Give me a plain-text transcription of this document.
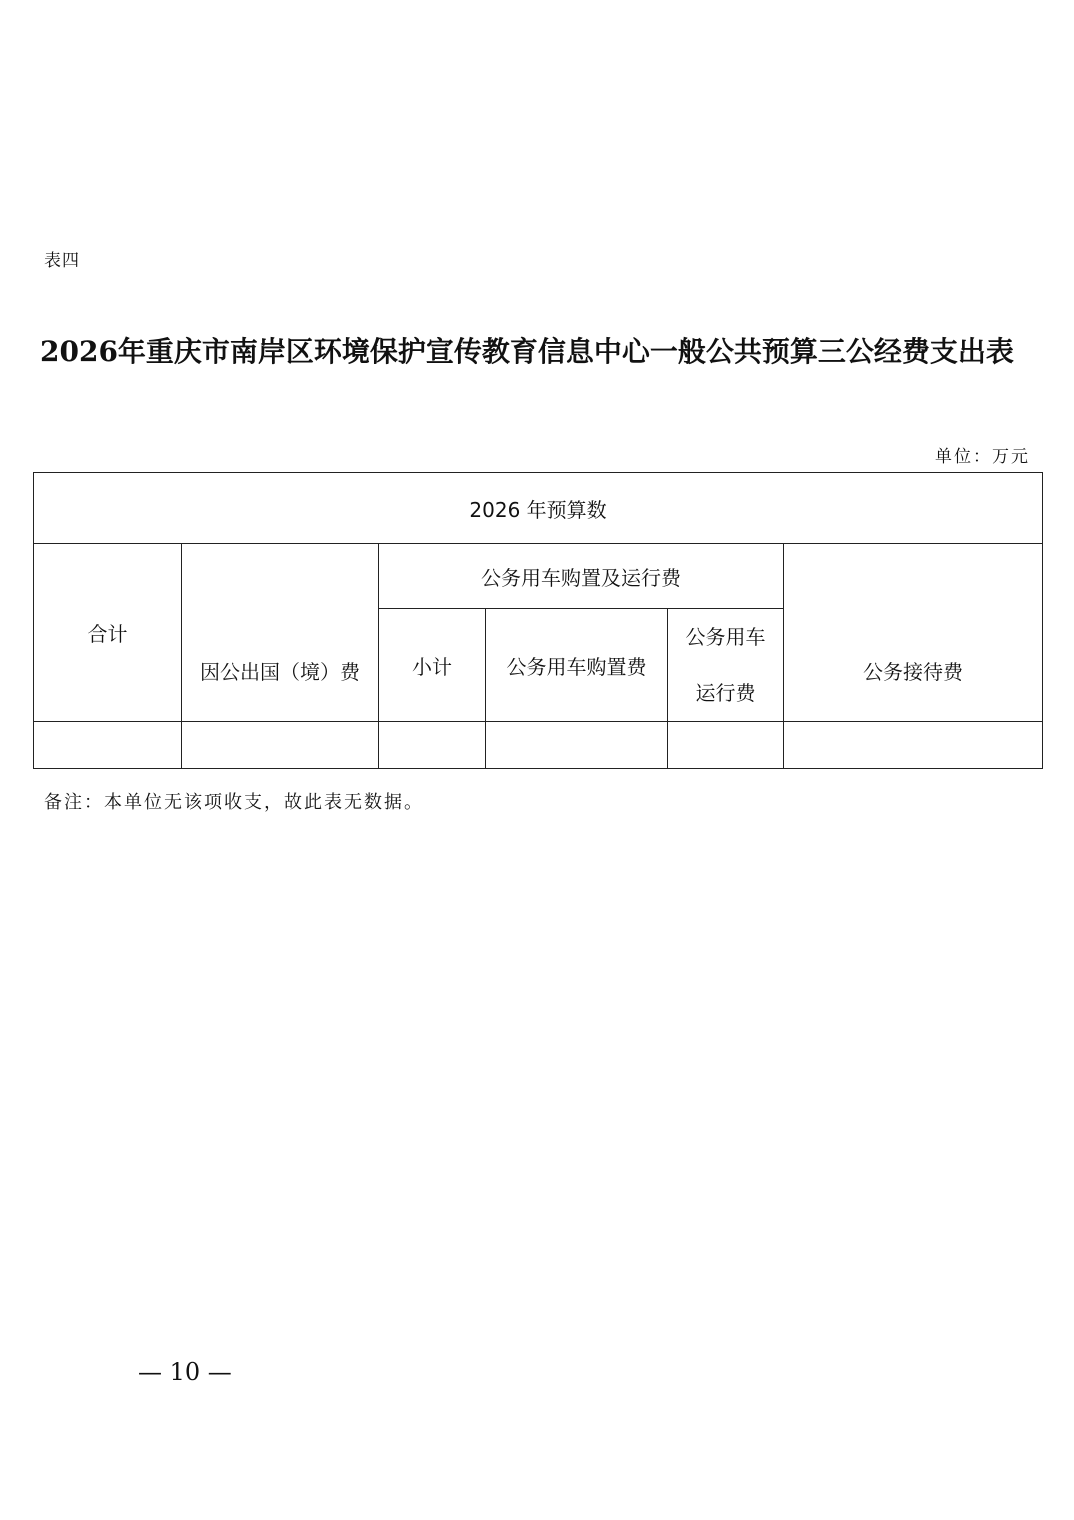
表四
2026年重庆市南岸区环境保护宣传教育信息中心一般公共预算三公经费支出表
单位：万元
2026 年预算数					
合计	因公出国（境）费	公务用车购置及运行费			公务接待费
		小计	公务用车购置费	公务用车
运行费	

备注：本单位无该项收支，故此表无数据。
— 10 —
